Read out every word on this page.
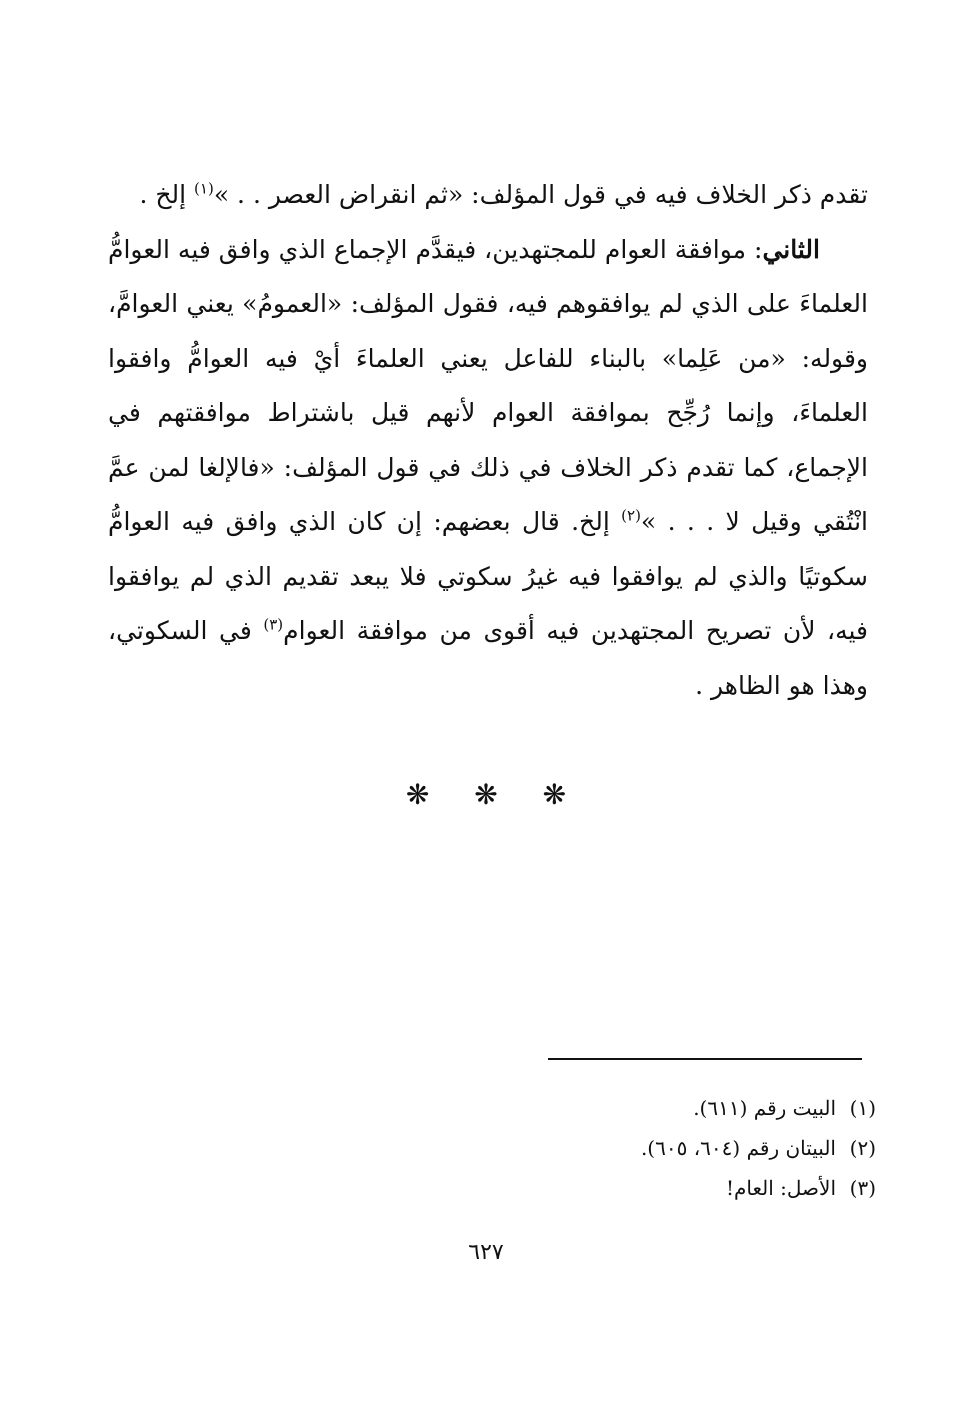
تقدم ذكر الخلاف فيه في قول المؤلف: «ثم انقراض العصر . . »$^{(١)}$ إلخ .

الثاني: موافقة العوام للمجتهدين، فيقدَّم الإجماع الذي وافق فيه العوامُّ العلماءَ على الذي لم يوافقوهم فيه، فقول المؤلف: «العمومُ» يعني العوامَّ، وقوله: «من عَلِما» بالبناء للفاعل يعني العلماءَ أيْ فيه العوامُّ وافقوا العلماءَ، وإنما رُجِّح بموافقة العوام لأنهم قيل باشتراط موافقتهم في الإجماع، كما تقدم ذكر الخلاف في ذلك في قول المؤلف: «فالإلغا لمن عمَّ انْتُقي وقيل لا . . . »$^{(٢)}$ إلخ. قال بعضهم: إن كان الذي وافق فيه العوامُّ سكوتيًا والذي لم يوافقوا فيه غيرُ سكوتي فلا يبعد تقديم الذي لم يوافقوا فيه، لأن تصريح المجتهدين فيه أقوى من موافقة العوام$^{(٣)}$ في السكوتي، وهذا هو الظاهر .

❋ ❋ ❋
(١)البيت رقم (٦١١).
(٢)البيتان رقم (٦٠٤، ٦٠٥).
(٣)الأصل: العام!
٦٢٧
